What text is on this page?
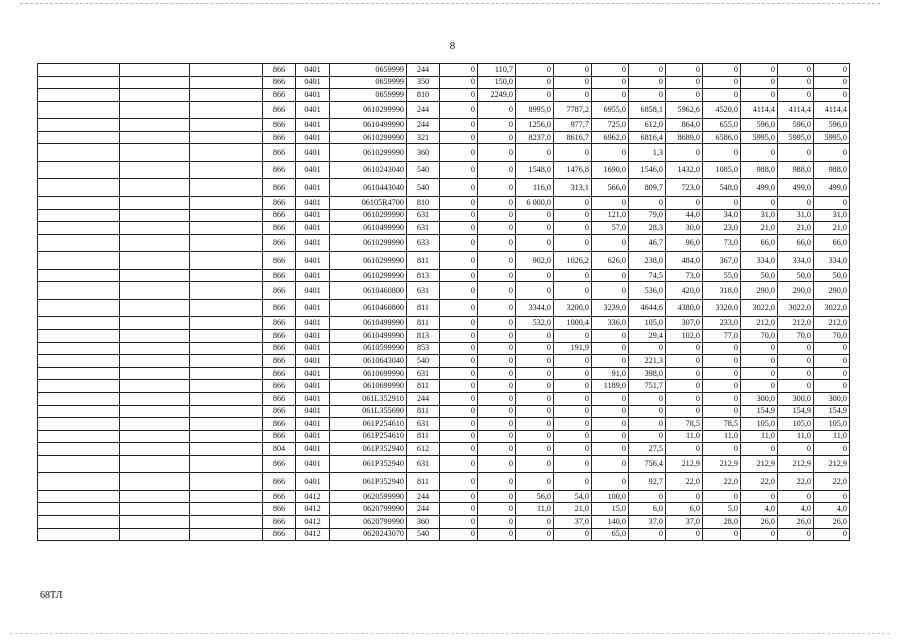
8
			866	0401	0659999	244	0	110,7	0	0	0	0	0	0	0	0	0
			866	0401	0659999	350	0	150,0	0	0	0	0	0	0	0	0	0
			866	0401	0659999	810	0	2249,0	0	0	0	0	0	0	0	0	0
			866	0401	0610299990	244	0	0	8995,0	7787,2	6955,0	6858,1	5962,6	4520,0	4114,4	4114,4	4114,4
			866	0401	0610499990	244	0	0	1256,0	977,7	725,0	612,0	864,0	655,0	596,0	596,0	596,0
			866	0401	0610299990	321	0	0	8237,0	8616,7	6962,0	6816,4	8689,0	6586,0	5995,0	5995,0	5995,0
			866	0401	0610299990	360	0	0	0	0	0	1,3	0	0	0	0	0
			866	0401	0610243040	540	0	0	1548,0	1476,8	1690,0	1546,0	1432,0	1085,0	988,0	988,0	988,0
			866	0401	0610443040	540	0	0	116,0	313,1	566,0	809,7	723,0	548,0	499,0	499,0	499,0
			866	0401	06105R4700	810	0	0	6 000,0	0	0	0	0	0	0	0	0
			866	0401	0610299990	631	0	0	0	0	121,0	79,0	44,0	34,0	31,0	31,0	31,0
			866	0401	0610499990	631	0	0	0	0	57,0	28,3	30,0	23,0	21,0	21,0	21,0
			866	0401	0610299990	633	0	0	0	0	0	46,7	96,0	73,0	66,0	66,0	66,0
			866	0401	0610299990	811	0	0	902,0	1026,2	626,0	238,0	484,0	367,0	334,0	334,0	334,0
			866	0401	0610299990	813	0	0	0	0	0	74,5	73,0	55,0	50,0	50,0	50,0
			866	0401	0610460800	631	0	0	0	0	0	536,0	420,0	318,0	290,0	290,0	290,0
			866	0401	0610460800	811	0	0	3344,0	3200,0	3239,0	4644,6	4380,0	3320,0	3022,0	3022,0	3022,0
			866	0401	0610499990	811	0	0	532,0	1000,4	336,0	105,0	307,0	233,0	212,0	212,0	212,0
			866	0401	0610499990	813	0	0	0	0	0	29,4	102,0	77,0	70,0	70,0	70,0
			866	0401	0610599990	853	0	0	0	191,9	0	0	0	0	0	0	0
			866	0401	0610643040	540	0	0	0	0	0	221,3	0	0	0	0	0
			866	0401	0610699990	631	0	0	0	0	91,0	398,0	0	0	0	0	0
			866	0401	0610699990	811	0	0	0	0	1189,0	751,7	0	0	0	0	0
			866	0401	061L352910	244	0	0	0	0	0	0	0	0	300,0	300,0	300,0
			866	0401	061L355690	811	0	0	0	0	0	0	0	0	154,9	154,9	154,9
			866	0401	061P254610	631	0	0	0	0	0	0	78,5	78,5	105,0	105,0	105,0
			866	0401	061P254610	811	0	0	0	0	0	0	11,0	11,0	11,0	11,0	11,0
			804	0401	061P352940	612	0	0	0	0	0	27,5	0	0	0	0	0
			866	0401	061P352940	631	0	0	0	0	0	756,4	212,9	212,9	212,9	212,9	212,9
			866	0401	061P352940	811	0	0	0	0	0	92,7	22,0	22,0	22,0	22,0	22,0
			866	0412	0620599990	244	0	0	56,0	54,0	100,0	0	0	0	0	0	0
			866	0412	0620799990	244	0	0	11,0	21,0	15,0	6,0	6,0	5,0	4,0	4,0	4,0
			866	0412	0620799990	360	0	0	0	37,0	140,0	37,0	37,0	28,0	26,0	26,0	26,0
			866	0412	0620243070	540	0	0	0	0	65,0	0	0	0	0	0	0
68ТЛ
